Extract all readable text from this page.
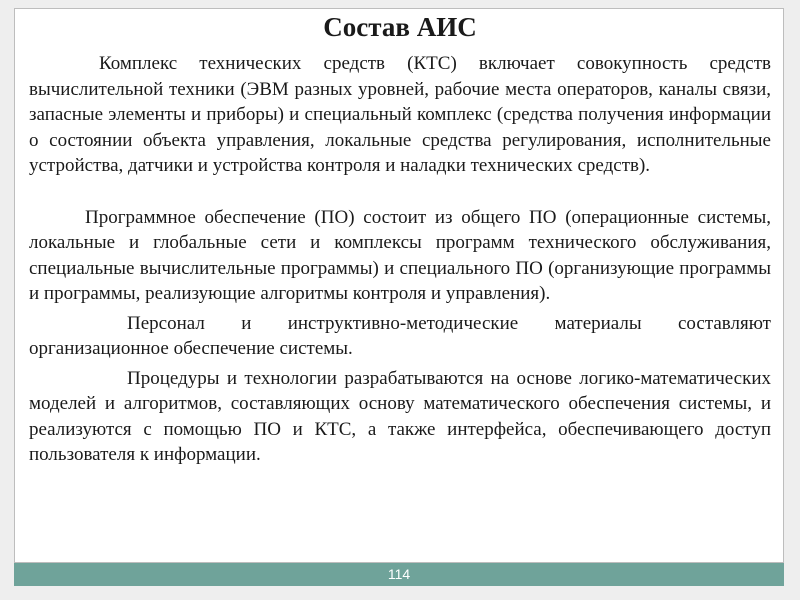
Состав АИС

Комплекс технических средств (КТС) включает совокупность средств вычислительной техники (ЭВМ разных уровней, рабочие места операторов, каналы связи, запасные элементы и приборы) и специальный комплекс (средства получения информации о состоянии объекта управления, локальные средства регулирования, исполнительные устройства, датчики и устройства контроля и наладки технических средств).

Программное обеспечение (ПО) состоит из общего ПО (операционные системы, локальные и глобальные сети и комплексы программ технического обслуживания, специальные вычислительные программы) и специального ПО (организующие программы и программы, реализующие алгоритмы контроля и управления).

Персонал и инструктивно-методические материалы составляют организационное обеспечение системы.

Процедуры и технологии разрабатываются на основе логико-математических моделей и алгоритмов, составляющих основу математического обеспечения системы, и реализуются с помощью ПО и КТС, а также интерфейса, обеспечивающего доступ пользователя к информации.

114
